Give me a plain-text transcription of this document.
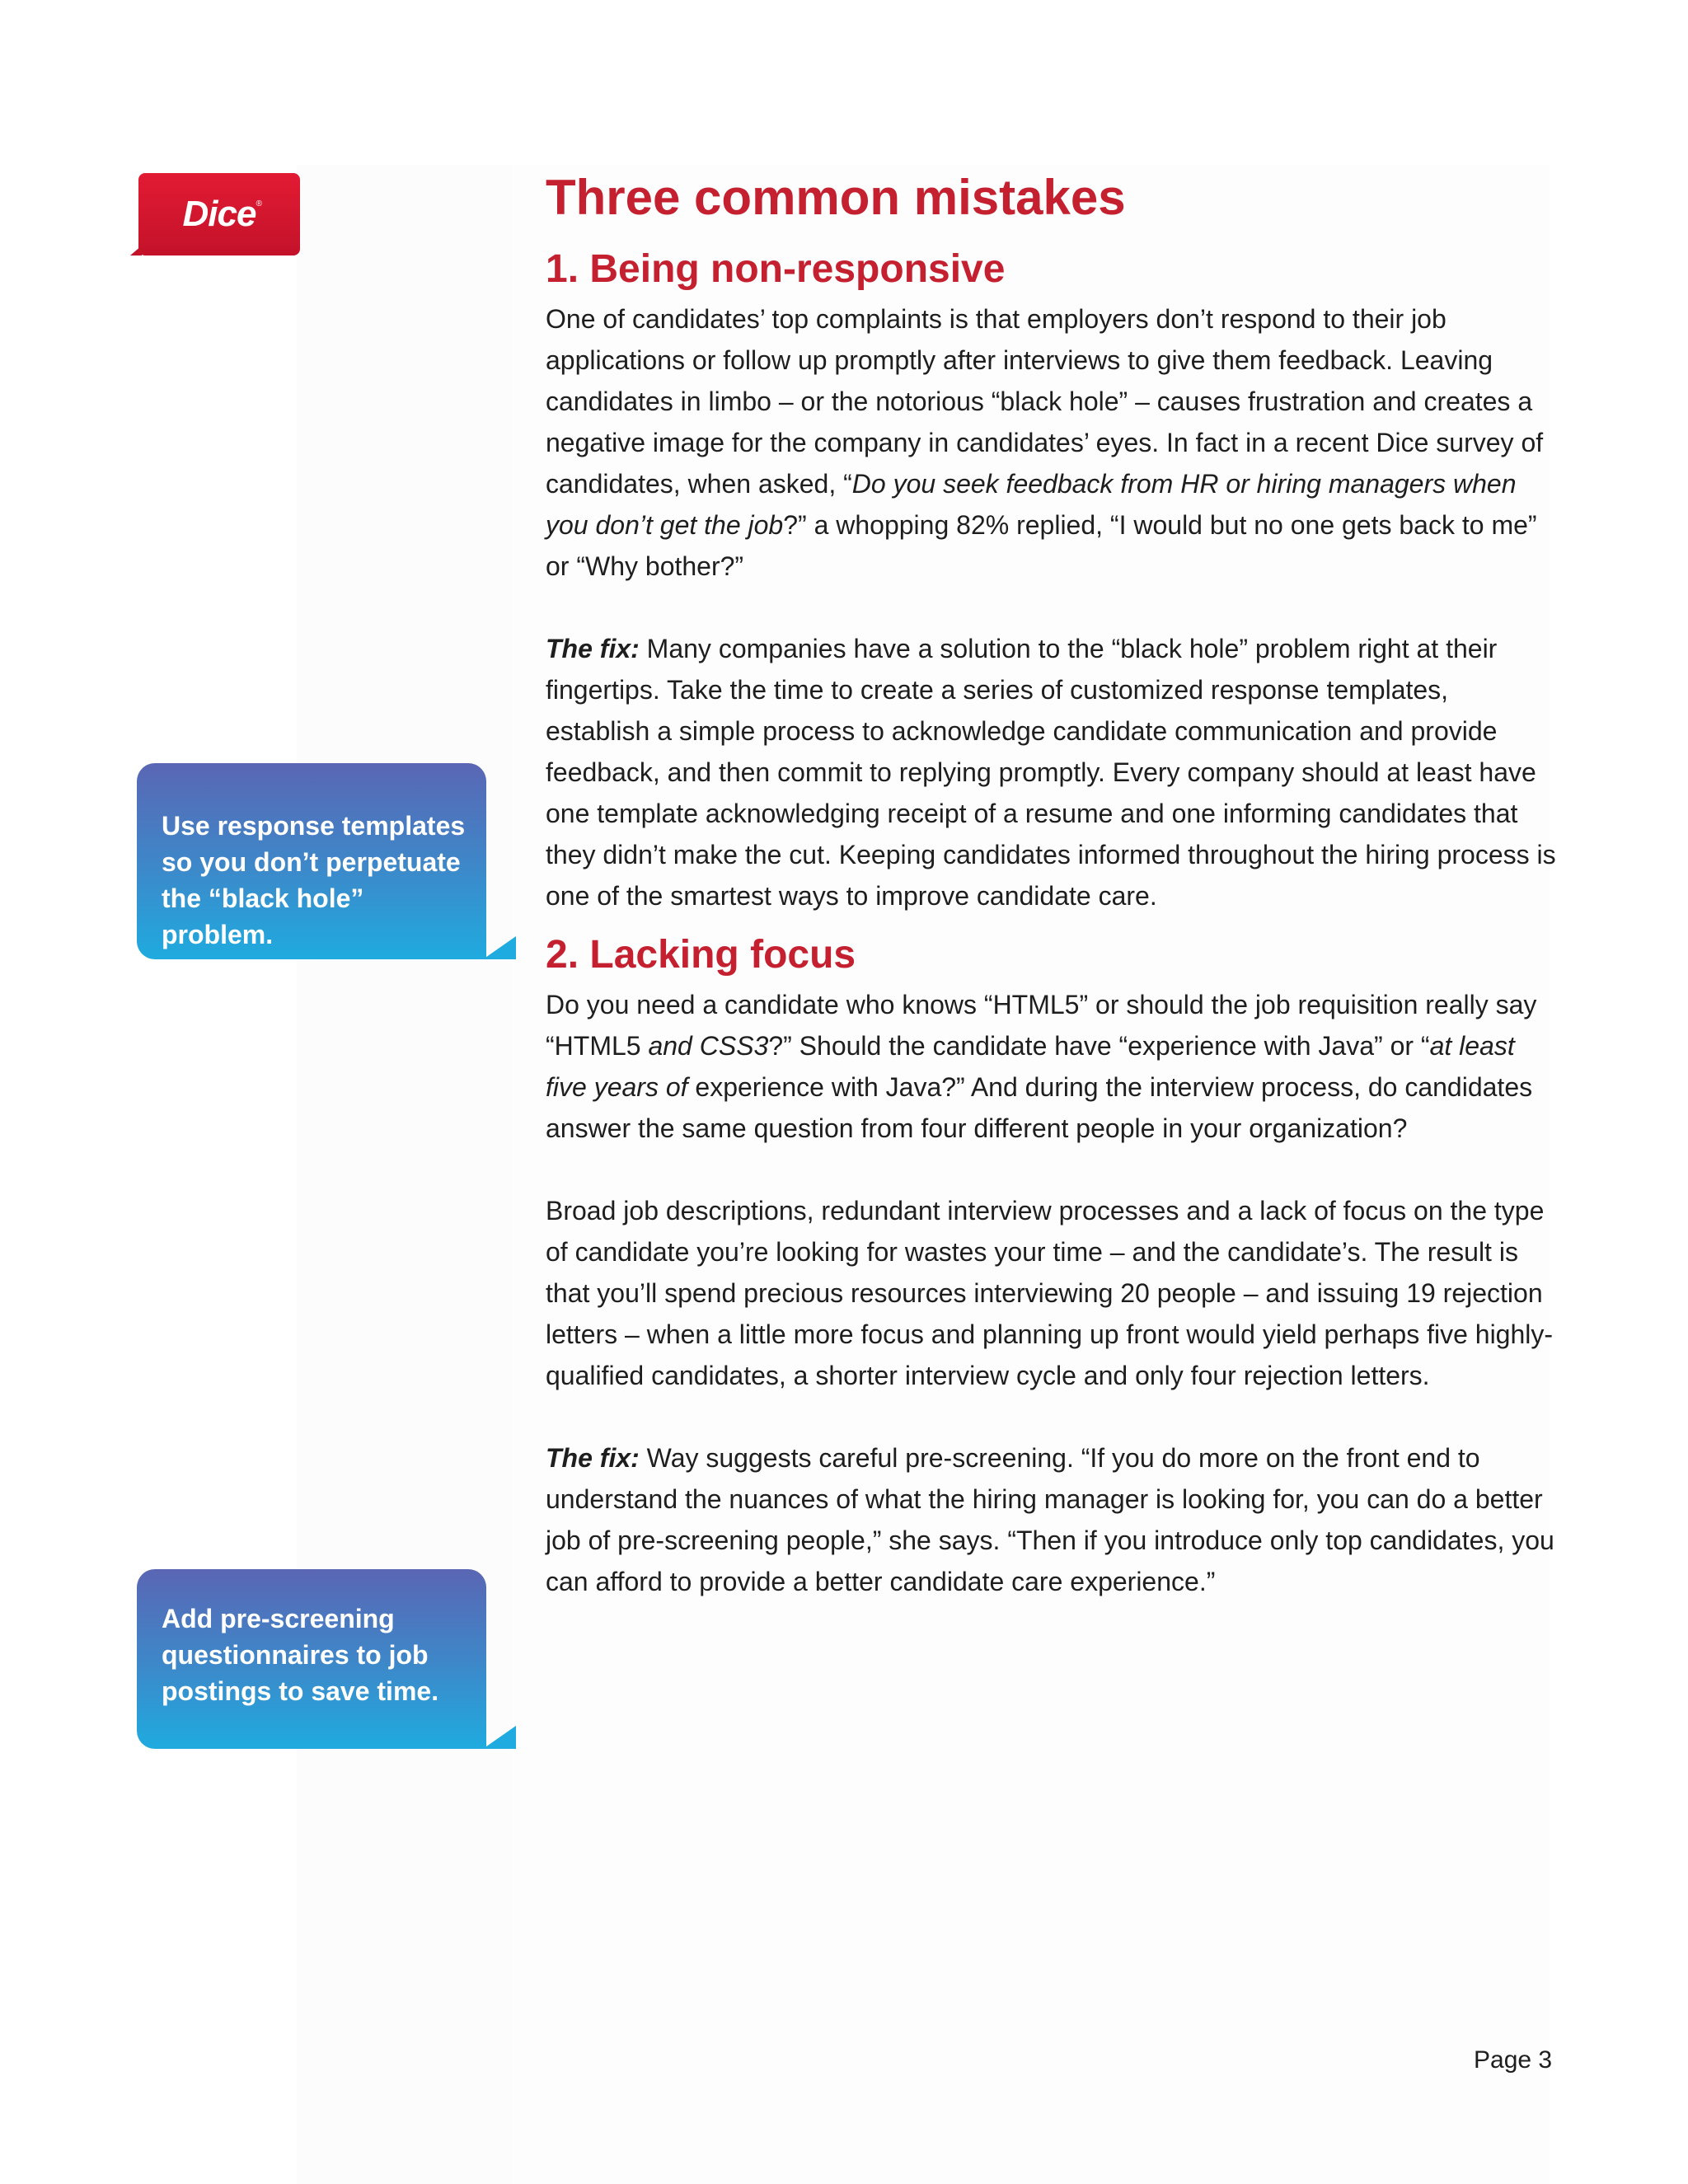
Dice ®	Three common mistakes
1. Being non-responsive

One of candidates’ top complaints is that employers don’t respond to their job applications or follow up promptly after interviews to give them feedback. Leaving candidates in limbo – or the notorious “black hole” – causes frustration and creates a negative image for the company in candidates’ eyes. In fact in a recent Dice survey of candidates, when asked, “Do you seek feedback from HR or hiring managers when you don’t get the job?” a whopping 82% replied, “I would but no one gets back to me” or “Why bother?”

The fix: Many companies have a solution to the “black hole” problem right at their fingertips. Take the time to create a series of customized response templates, establish a simple process to acknowledge candidate communication and provide feedback, and then commit to replying promptly. Every company should at least have one template acknowledging receipt of a resume and one informing candidates that they didn’t make the cut. Keeping candidates informed throughout the hiring process is one of the smartest ways to improve candidate care.

2. Lacking focus

Do you need a candidate who knows “HTML5” or should the job requisition really say “HTML5 and CSS3?” Should the candidate have “experience with Java” or “at least five years of experience with Java?” And during the interview process, do candidates answer the same question from four different people in your organization?

Broad job descriptions, redundant interview processes and a lack of focus on the type of candidate you’re looking for wastes your time – and the candidate’s. The result is that you’ll spend precious resources interviewing 20 people – and issuing 19 rejection letters – when a little more focus and planning up front would yield perhaps five highly-qualified candidates, a shorter interview cycle and only four rejection letters.

The fix: Way suggests careful pre-screening. “If you do more on the front end to understand the nuances of what the hiring manager is looking for, you can do a better job of pre-screening people,” she says. “Then if you introduce only top candidates, you can afford to provide a better candidate care experience.”

Use response templates so you don’t perpetuate the “black hole” problem.
Add pre-screening questionnaires to job postings to save time.
Page 3
